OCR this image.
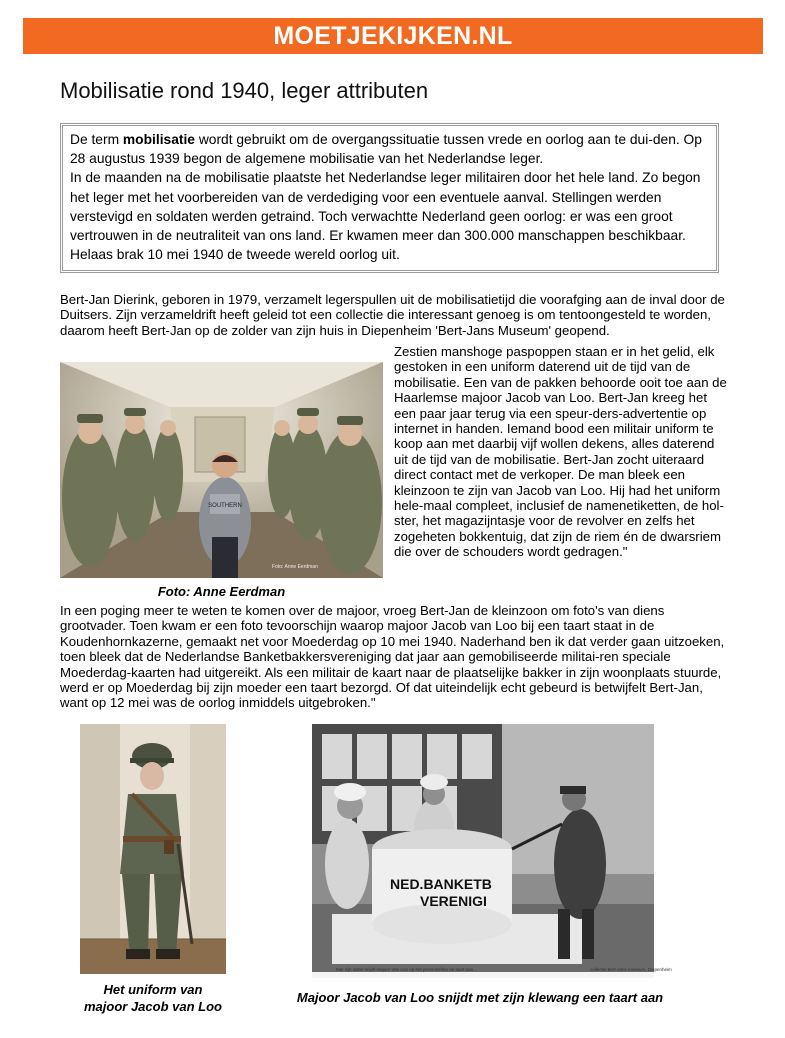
MOETJEKIJKEN.NL
Mobilisatie rond 1940, leger attributen
De term mobilisatie wordt gebruikt om de overgangssituatie tussen vrede en oorlog aan te dui-den. Op 28 augustus 1939 begon de algemene mobilisatie van het Nederlandse leger.
In de maanden na de mobilisatie plaatste het Nederlandse leger militairen door het hele land. Zo begon het leger met het voorbereiden van de verdediging voor een eventuele aanval. Stellingen werden verstevigd en soldaten werden getraind. Toch verwachtte Nederland geen oorlog: er was een groot vertrouwen in de neutraliteit van ons land. Er kwamen meer dan 300.000 manschappen beschikbaar. Helaas brak 10 mei 1940 de tweede wereld oorlog uit.
Bert-Jan Dierink, geboren in 1979, verzamelt legerspullen uit de mobilisatietijd die voorafging aan de inval door de Duitsers. Zijn verzameldrift heeft geleid tot een collectie die interessant genoeg is om tentoongesteld te worden, daarom heeft Bert-Jan op de zolder van zijn huis in Diepenheim 'Bert-Jans Museum' geopend.
SOUTHERN
Foto: Anne Eerdman
Zestien manshoge paspoppen staan er in het gelid, elk gestoken in een uniform daterend uit de tijd van de mobilisatie. Een van de pakken behoorde ooit toe aan de Haarlemse majoor Jacob van Loo. Bert-Jan kreeg het een paar jaar terug via een speur-ders-advertentie op internet in handen. Iemand bood een militair uniform te koop aan met daarbij vijf wollen dekens, alles daterend uit de tijd van de mobilisatie. Bert-Jan zocht uiteraard direct contact met de verkoper. De man bleek een kleinzoon te zijn van Jacob van Loo. Hij had het uniform hele-maal compleet, inclusief de namenetiketten, de hol-ster, het magazijntasje voor de revolver en zelfs het zogeheten bokkentuig, dat zijn de riem én de dwarsriem die over de schouders wordt gedragen."
Foto: Anne Eerdman
In een poging meer te weten te komen over de majoor, vroeg Bert-Jan de kleinzoon om foto's van diens grootvader. Toen kwam er een foto tevoorschijn waarop majoor Jacob van Loo bij een taart staat in de Koudenhornkazerne, gemaakt net voor Moederdag op 10 mei 1940. Naderhand ben ik dat verder gaan uitzoeken, toen bleek dat de Nederlandse Banketbakkersvereniging dat jaar aan gemobiliseerde militai-ren speciale Moederdag-kaarten had uitgereikt. Als een militair de kaart naar de plaatselijke bakker in zijn woonplaats stuurde, werd er op Moederdag bij zijn moeder een taart bezorgd. Of dat uiteindelijk echt gebeurd is betwijfelt Bert-Jan, want op 12 mei was de oorlog inmiddels uitgebroken."
NED.BANKETB
VERENIGI
Met zijn sabel snijdt majoor Van Loo op het promotiefoto de taart aan...	collectie Bert-Jans museum, Diepenheim
Het uniform van
majoor Jacob van Loo
Majoor Jacob van Loo snijdt met zijn klewang een taart aan
